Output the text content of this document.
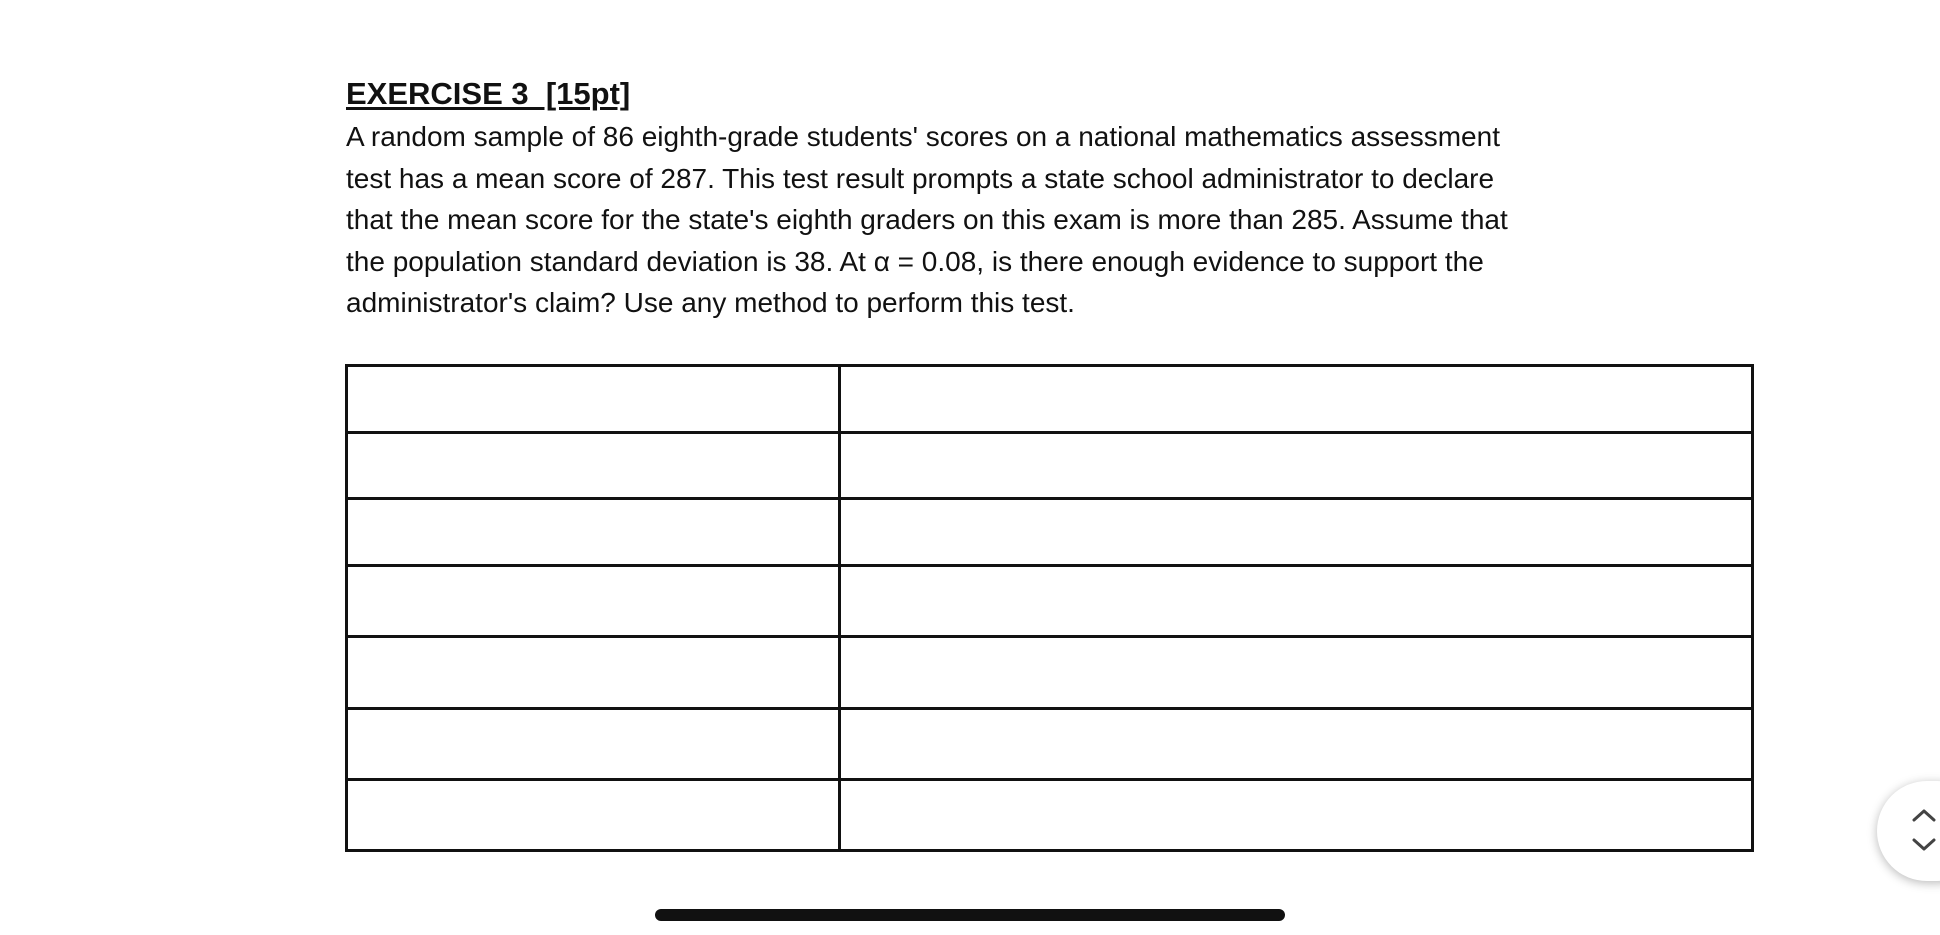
EXERCISE 3  [15pt]

A random sample of 86 eighth-grade students' scores on a national mathematics assessment
test has a mean score of 287. This test result prompts a state school administrator to declare
that the mean score for the state's eighth graders on this exam is more than 285. Assume that
the population standard deviation is 38. At α = 0.08, is there enough evidence to support the
administrator's claim? Use any method to perform this test.
